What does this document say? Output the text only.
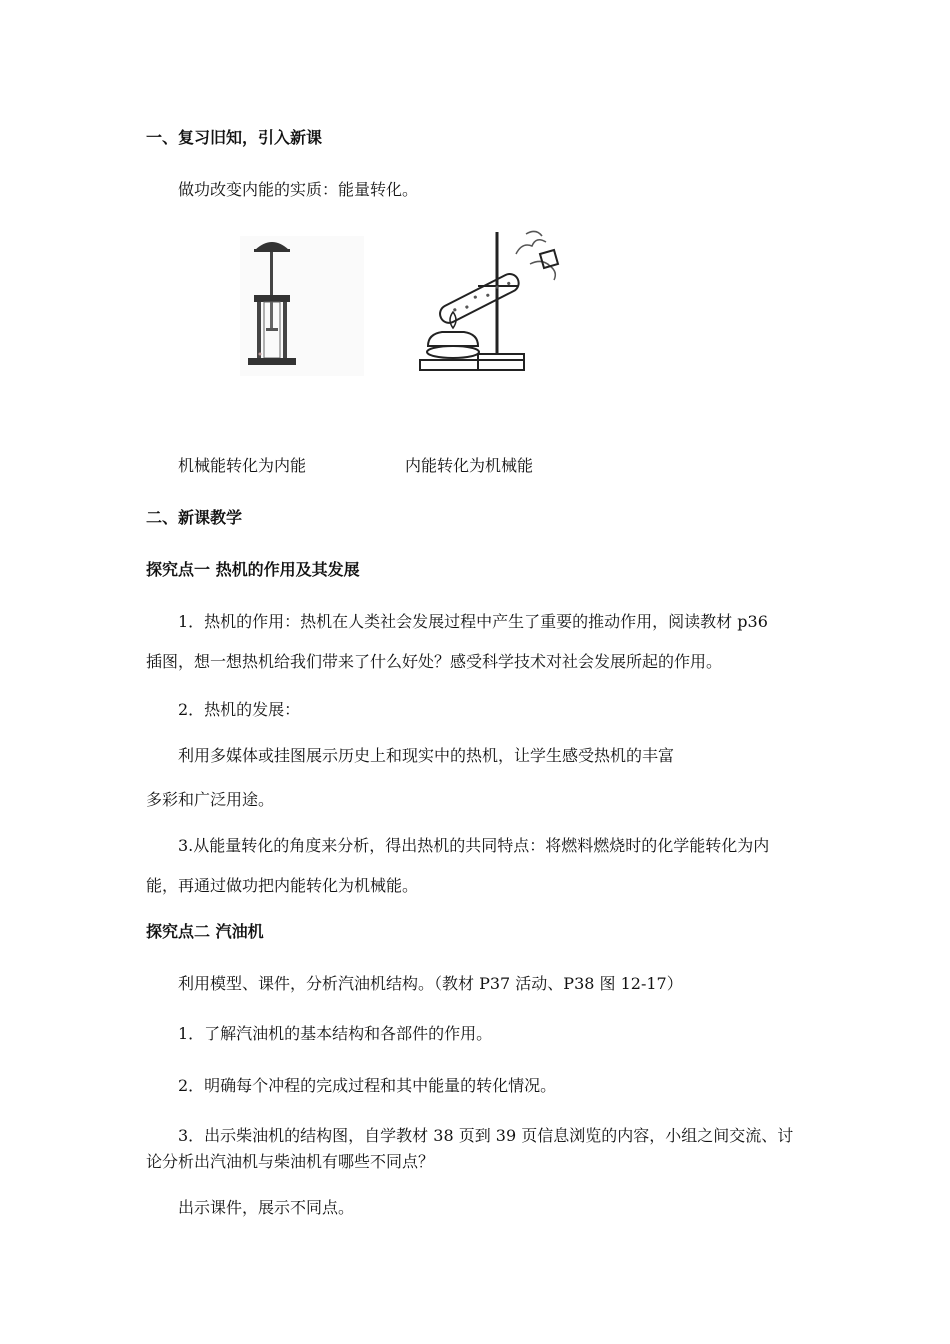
一、复习旧知，引入新课
做功改变内能的实质：能量转化。
机械能转化为内能	内能转化为机械能
二、新课教学
探究点一 热机的作用及其发展
1．热机的作用：热机在人类社会发展过程中产生了重要的推动作用，阅读教材 p36
插图，想一想热机给我们带来了什么好处？感受科学技术对社会发展所起的作用。
2．热机的发展：
利用多媒体或挂图展示历史上和现实中的热机，让学生感受热机的丰富
多彩和广泛用途。
3.从能量转化的角度来分析，得出热机的共同特点：将燃料燃烧时的化学能转化为内
能，再通过做功把内能转化为机械能。
探究点二 汽油机
利用模型、课件，分析汽油机结构。（教材 P37 活动、P38 图 12-17）
1．了解汽油机的基本结构和各部件的作用。
2．明确每个冲程的完成过程和其中能量的转化情况。
3．出示柴油机的结构图，自学教材 38 页到 39 页信息浏览的内容，小组之间交流、讨
论分析出汽油机与柴油机有哪些不同点？
出示课件，展示不同点。
